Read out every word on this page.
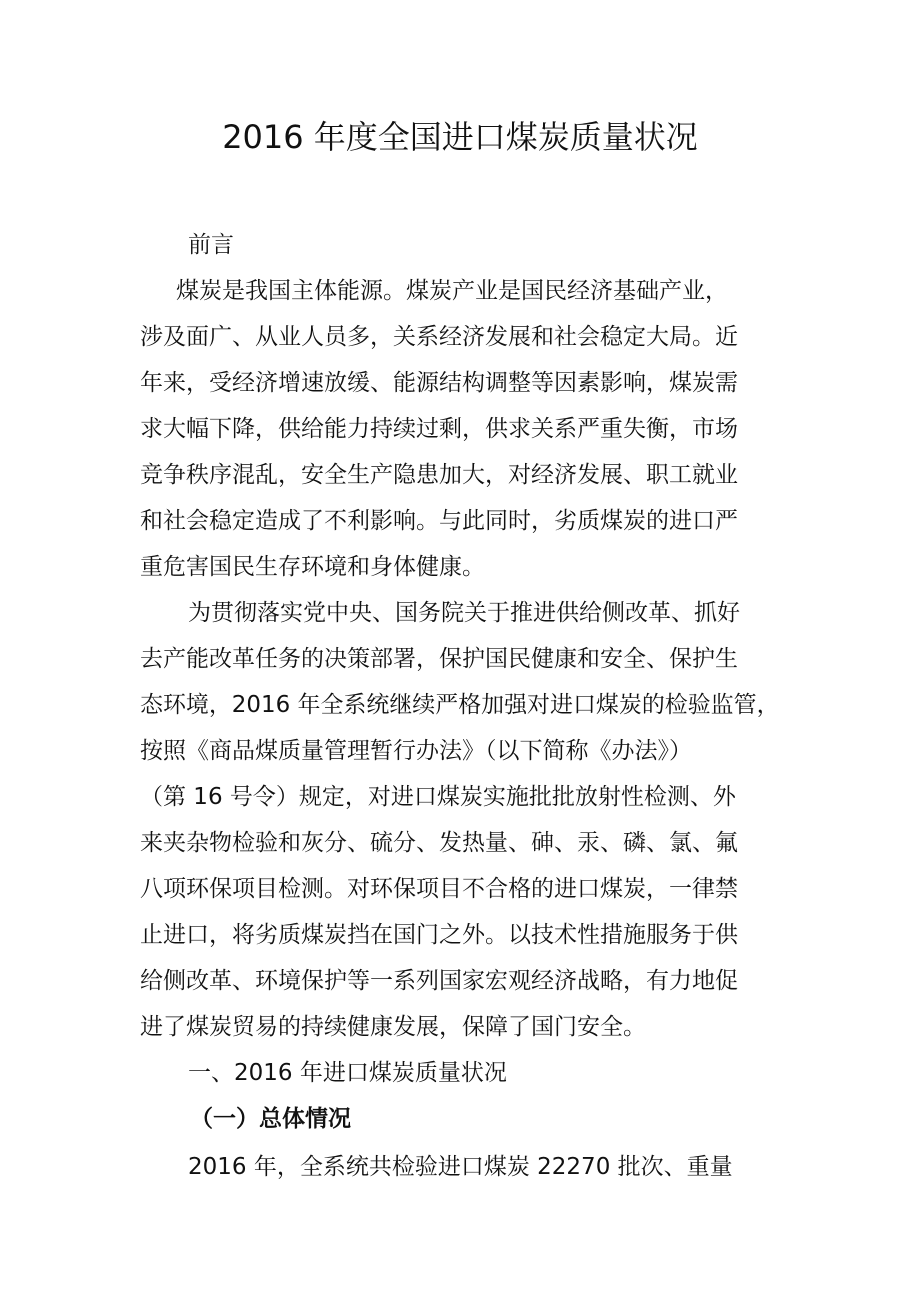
2016 年度全国进口煤炭质量状况

前言

煤炭是我国主体能源。煤炭产业是国民经济基础产业，

涉及面广、从业人员多，关系经济发展和社会稳定大局。近

年来，受经济增速放缓、能源结构调整等因素影响，煤炭需

求大幅下降，供给能力持续过剩，供求关系严重失衡，市场

竞争秩序混乱，安全生产隐患加大，对经济发展、职工就业

和社会稳定造成了不利影响。与此同时，劣质煤炭的进口严

重危害国民生存环境和身体健康。

为贯彻落实党中央、国务院关于推进供给侧改革、抓好

去产能改革任务的决策部署，保护国民健康和安全、保护生

态环境，2016 年全系统继续严格加强对进口煤炭的检验监管，

按照《商品煤质量管理暂行办法》（以下简称《办法》）

（第 16 号令）规定，对进口煤炭实施批批放射性检测、外

来夹杂物检验和灰分、硫分、发热量、砷、汞、磷、氯、氟

八项环保项目检测。对环保项目不合格的进口煤炭，一律禁

止进口，将劣质煤炭挡在国门之外。以技术性措施服务于供

给侧改革、环境保护等一系列国家宏观经济战略，有力地促

进了煤炭贸易的持续健康发展，保障了国门安全。

一、2016 年进口煤炭质量状况

（一）总体情况

2016 年，全系统共检验进口煤炭 22270 批次、重量
